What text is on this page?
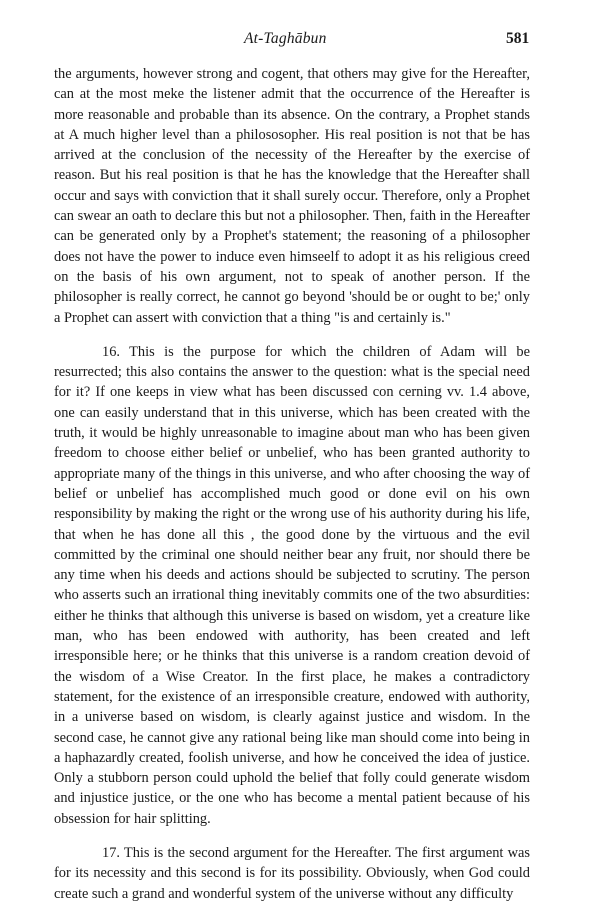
At-Taghābun	581

the arguments, however strong and cogent, that others may give for the Hereafter, can at the most meke the listener admit that the occurrence of the Hereafter is more reasonable and probable than its absence. On the contrary, a Prophet stands at A much higher level than a philososopher. His real position is not that be has arrived at the conclusion of the necessity of the Hereafter by the exercise of reason. But his real position is that he has the knowledge that the Hereafter shall occur and says with conviction that it shall surely occur. Therefore, only a Prophet can swear an oath to declare this but not a philosopher. Then, faith in the Hereafter can be generated only by a Prophet's statement; the reasoning of a philosopher does not have the power to induce even himseelf to adopt it as his religious creed on the basis of his own argument, not to speak of another person. If the philosopher is really correct, he cannot go beyond 'should be or ought to be;' only a Prophet can assert with conviction that a thing "is and certainly is."

16. This is the purpose for which the children of Adam will be resurrected; this also contains the answer to the question: what is the special need for it? If one keeps in view what has been discussed con cerning vv. 1.4 above, one can easily understand that in this universe, which has been created with the truth, it would be highly unreasonable to imagine about man who has been given freedom to choose either belief or unbelief, who has been granted authority to appropriate many of the things in this universe, and who after choosing the way of belief or unbelief has accomplished much good or done evil on his own responsibility by making the right or the wrong use of his authority during his life, that when he has done all this , the good done by the virtuous and the evil committed by the criminal one should neither bear any fruit, nor should there be any time when his deeds and actions should be subjected to scrutiny. The person who asserts such an irrational thing inevitably commits one of the two absurdities: either he thinks that although this universe is based on wisdom, yet a creature like man, who has been endowed with authority, has been created and left irresponsible here; or he thinks that this universe is a random creation devoid of the wisdom of a Wise Creator. In the first place, he makes a contradictory statement, for the existence of an irresponsible creature, endowed with authority, in a universe based on wisdom, is clearly against justice and wisdom. In the second case, he cannot give any rational being like man should come into being in a haphazardly created, foolish universe, and how he conceived the idea of justice. Only a stubborn person could uphold the belief that folly could generate wisdom and injustice justice, or the one who has become a mental patient because of his obsession for hair splitting.

17. This is the second argument for the Hereafter. The first argument was for its necessity and this second is for its possibility. Obviously, when God could create such a grand and wonderful system of the universe without any difficulty
